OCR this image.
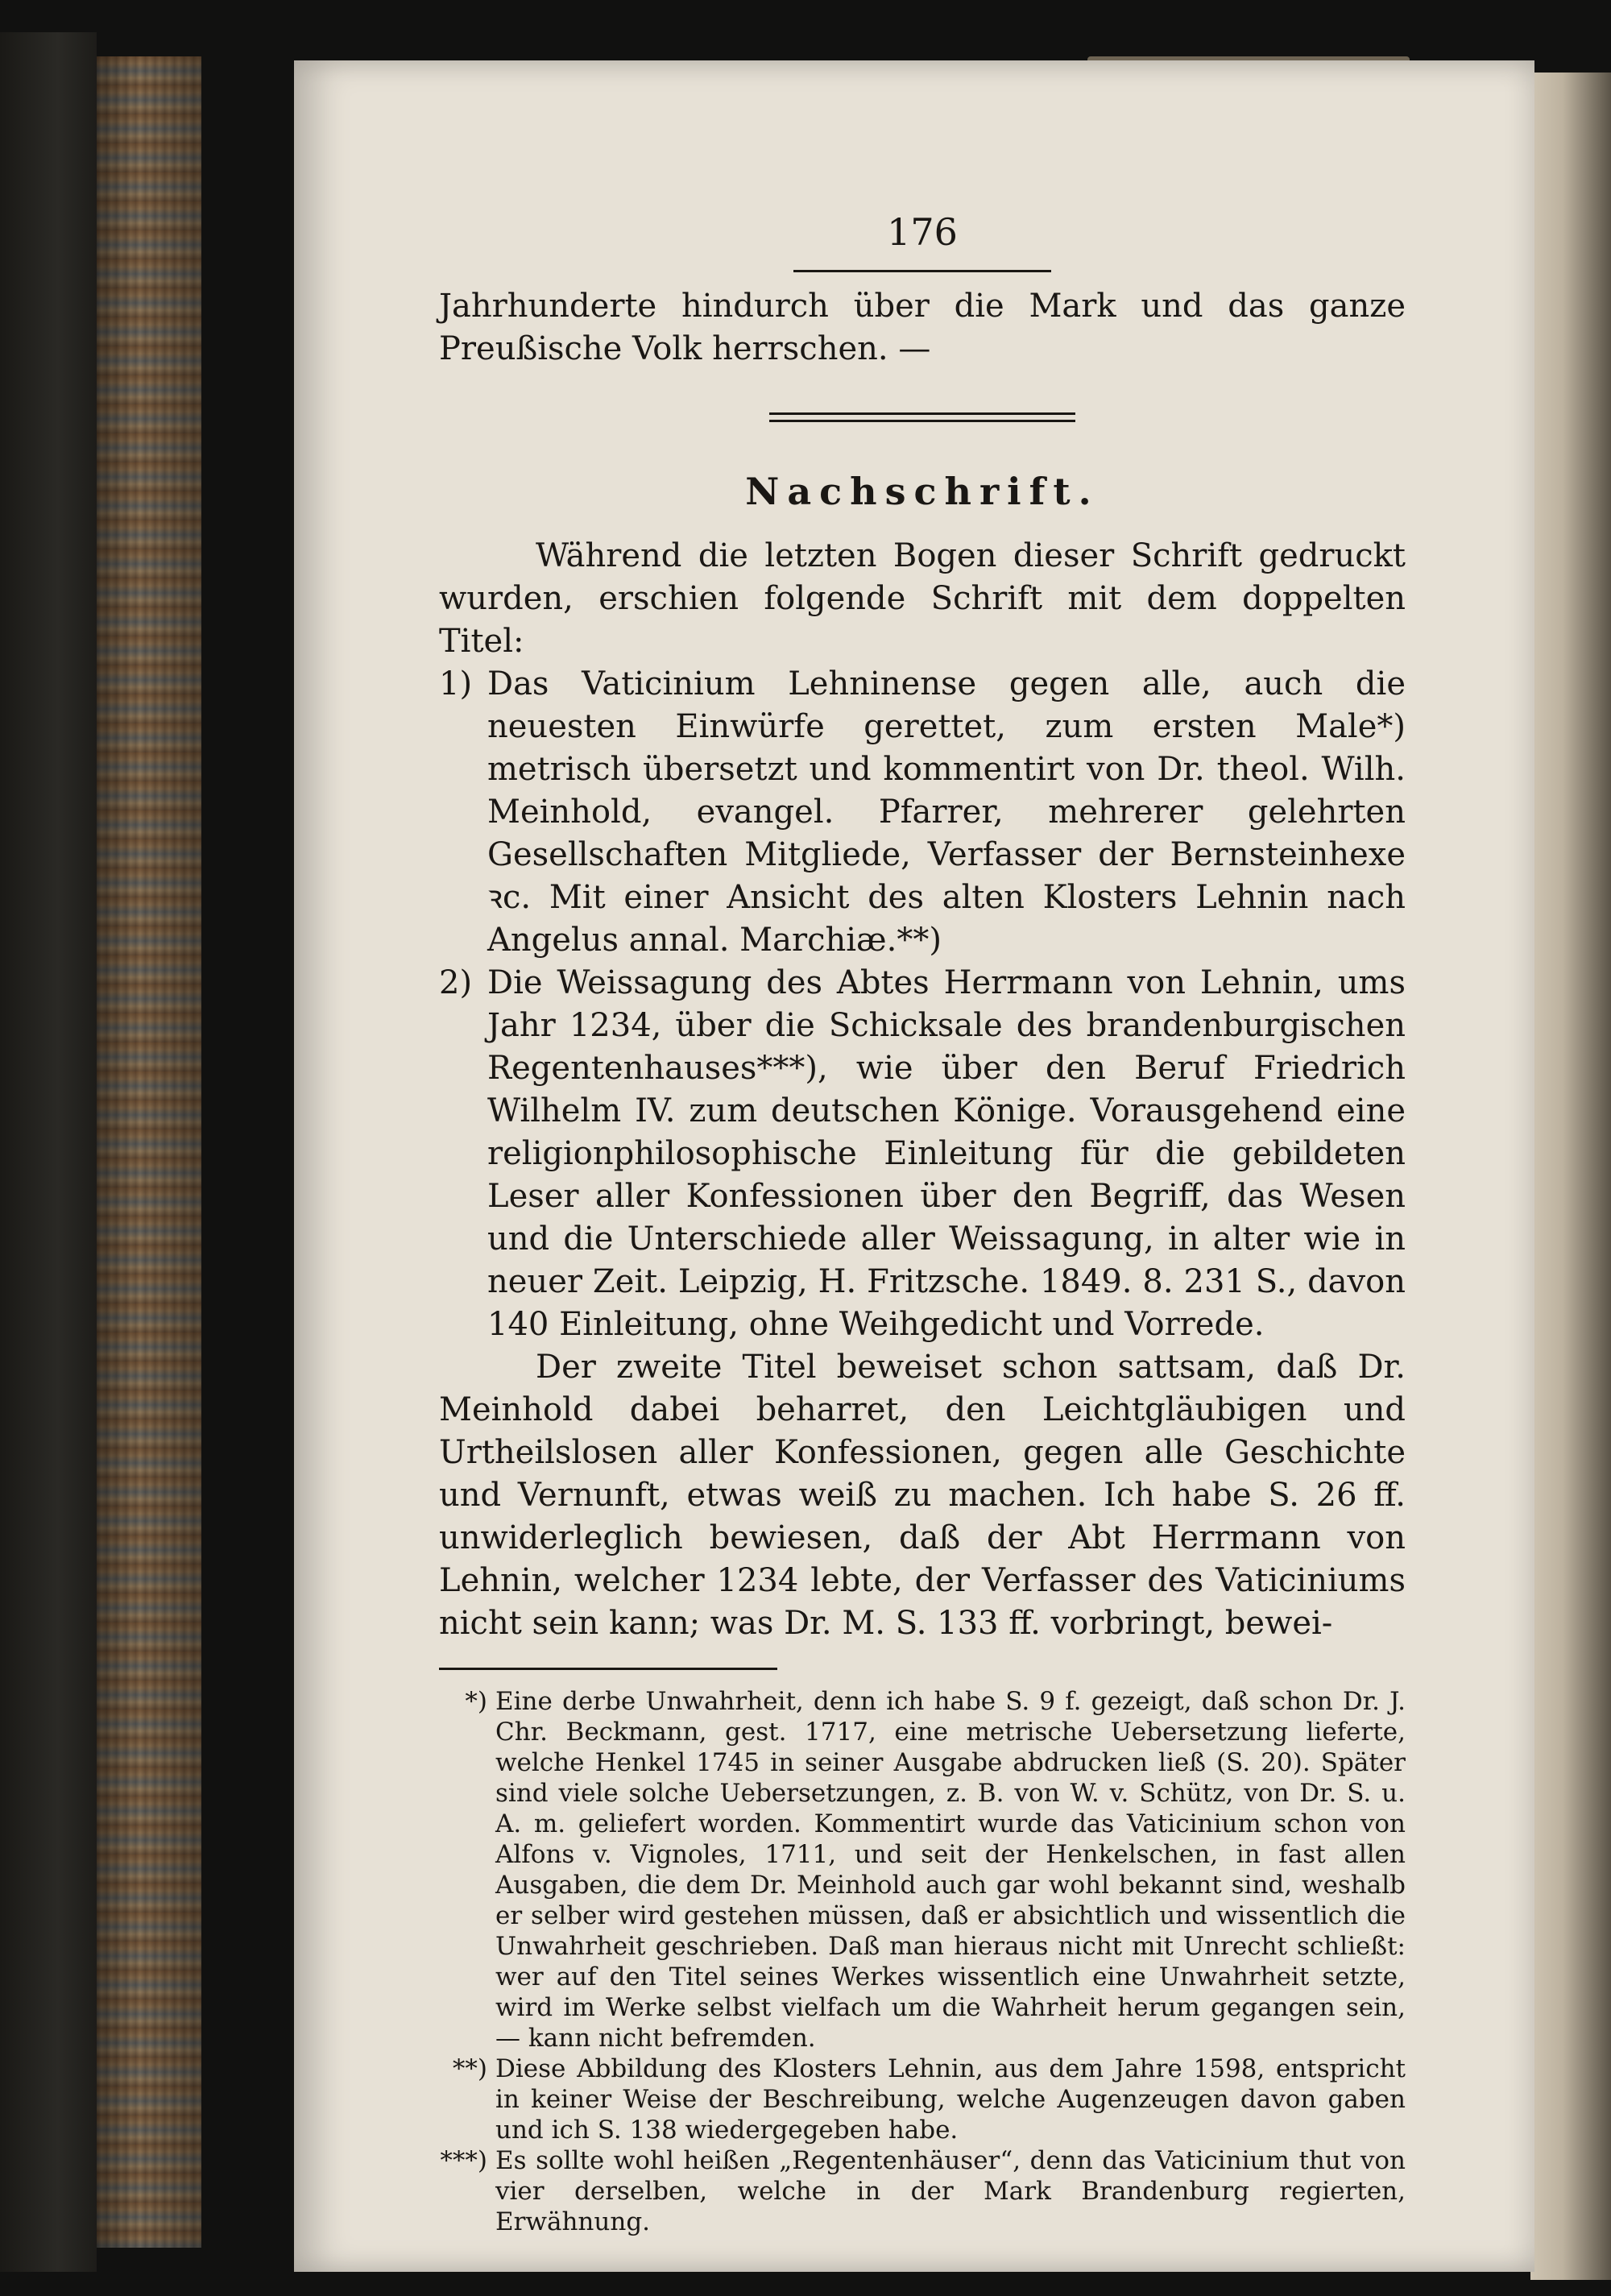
176

Jahrhunderte hindurch über die Mark und das ganze Preußische Volk herrschen. —

Nachschrift.

Während die letzten Bogen dieser Schrift gedruckt wurden, erschien folgende Schrift mit dem doppelten Titel:

1) Das Vaticinium Lehninense gegen alle, auch die neuesten Einwürfe gerettet, zum ersten Male*) metrisch übersetzt und kommentirt von Dr. theol. Wilh. Meinhold, evangel. Pfarrer, mehrerer gelehrten Gesellschaften Mitgliede, Verfasser der Bernsteinhexe ꝛc. Mit einer Ansicht des alten Klosters Lehnin nach Angelus annal. Marchiæ.**)
2) Die Weissagung des Abtes Herrmann von Lehnin, ums Jahr 1234, über die Schicksale des brandenburgischen Regentenhauses***), wie über den Beruf Friedrich Wilhelm IV. zum deutschen Könige. Vorausgehend eine religionphilosophische Einleitung für die gebildeten Leser aller Konfessionen über den Begriff, das Wesen und die Unterschiede aller Weissagung, in alter wie in neuer Zeit. Leipzig, H. Fritzsche. 1849. 8. 231 S., davon 140 Einleitung, ohne Weihgedicht und Vorrede.

Der zweite Titel beweiset schon sattsam, daß Dr. Meinhold dabei beharret, den Leichtgläubigen und Urtheilslosen aller Konfessionen, gegen alle Geschichte und Vernunft, etwas weiß zu machen. Ich habe S. 26 ff. unwiderleglich bewiesen, daß der Abt Herrmann von Lehnin, welcher 1234 lebte, der Verfasser des Vaticiniums nicht sein kann; was Dr. M. S. 133 ff. vorbringt, bewei-

*) Eine derbe Unwahrheit, denn ich habe S. 9 f. gezeigt, daß schon Dr. J. Chr. Beckmann, gest. 1717, eine metrische Uebersetzung lieferte, welche Henkel 1745 in seiner Ausgabe abdrucken ließ (S. 20). Später sind viele solche Uebersetzungen, z. B. von W. v. Schütz, von Dr. S. u. A. m. geliefert worden. Kommentirt wurde das Vaticinium schon von Alfons v. Vignoles, 1711, und seit der Henkelschen, in fast allen Ausgaben, die dem Dr. Meinhold auch gar wohl bekannt sind, weshalb er selber wird gestehen müssen, daß er absichtlich und wissentlich die Unwahrheit geschrieben. Daß man hieraus nicht mit Unrecht schließt: wer auf den Titel seines Werkes wissentlich eine Unwahrheit setzte, wird im Werke selbst vielfach um die Wahrheit herum gegangen sein, — kann nicht befremden.
**) Diese Abbildung des Klosters Lehnin, aus dem Jahre 1598, entspricht in keiner Weise der Beschreibung, welche Augenzeugen davon gaben und ich S. 138 wiedergegeben habe.
***) Es sollte wohl heißen „Regentenhäuser“, denn das Vaticinium thut von vier derselben, welche in der Mark Brandenburg regierten, Erwähnung.
